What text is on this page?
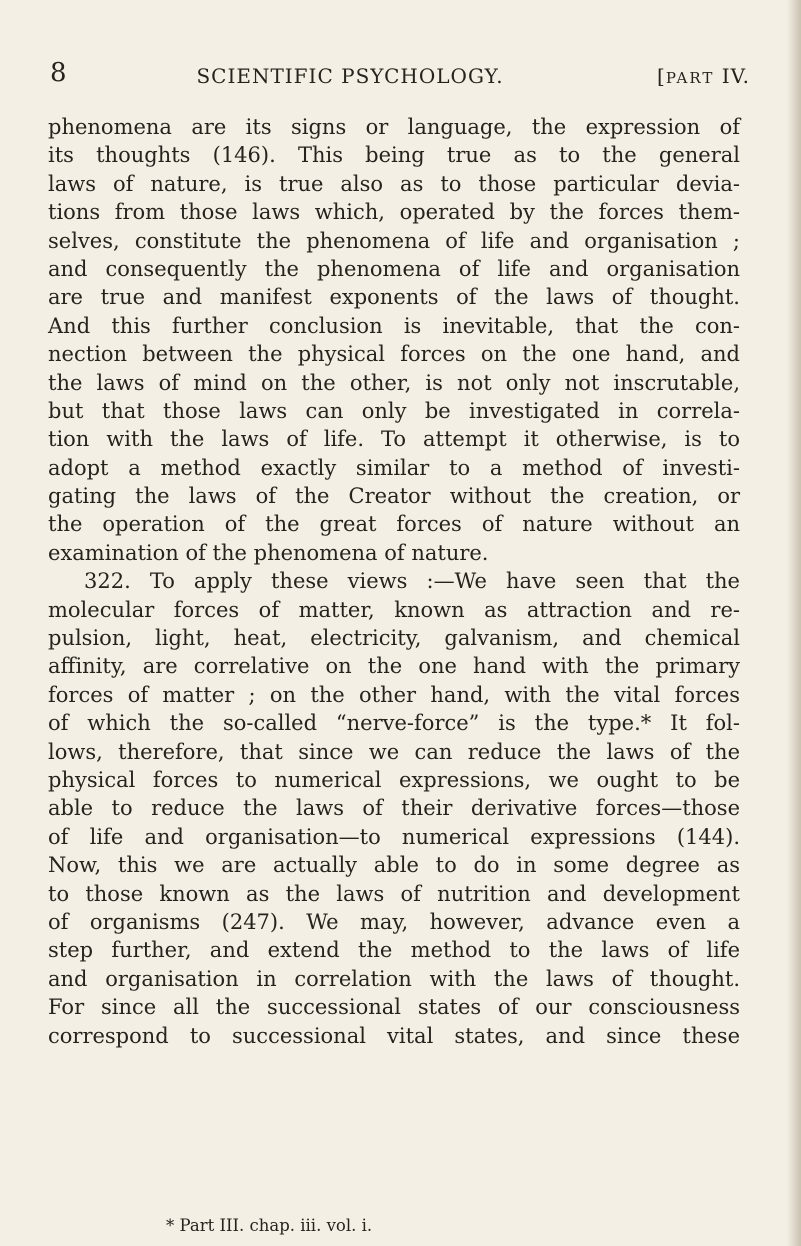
8	SCIENTIFIC PSYCHOLOGY.	[PART IV.
phenomena are its signs or language, the expression of
its thoughts (146). This being true as to the general
laws of nature, is true also as to those particular devia-
tions from those laws which, operated by the forces them-
selves, constitute the phenomena of life and organisation ;
and consequently the phenomena of life and organisation
are true and manifest exponents of the laws of thought.
And this further conclusion is inevitable, that the con-
nection between the physical forces on the one hand, and
the laws of mind on the other, is not only not inscrutable,
but that those laws can only be investigated in correla-
tion with the laws of life. To attempt it otherwise, is to
adopt a method exactly similar to a method of investi-
gating the laws of the Creator without the creation, or
the operation of the great forces of nature without an
examination of the phenomena of nature.
322. To apply these views :—We have seen that the
molecular forces of matter, known as attraction and re-
pulsion, light, heat, electricity, galvanism, and chemical
affinity, are correlative on the one hand with the primary
forces of matter ; on the other hand, with the vital forces
of which the so-called “nerve-force” is the type.* It fol-
lows, therefore, that since we can reduce the laws of the
physical forces to numerical expressions, we ought to be
able to reduce the laws of their derivative forces—those
of life and organisation—to numerical expressions (144).
Now, this we are actually able to do in some degree as
to those known as the laws of nutrition and development
of organisms (247). We may, however, advance even a
step further, and extend the method to the laws of life
and organisation in correlation with the laws of thought.
For since all the successional states of our consciousness
correspond to successional vital states, and since these
* Part III. chap. iii. vol. i.
